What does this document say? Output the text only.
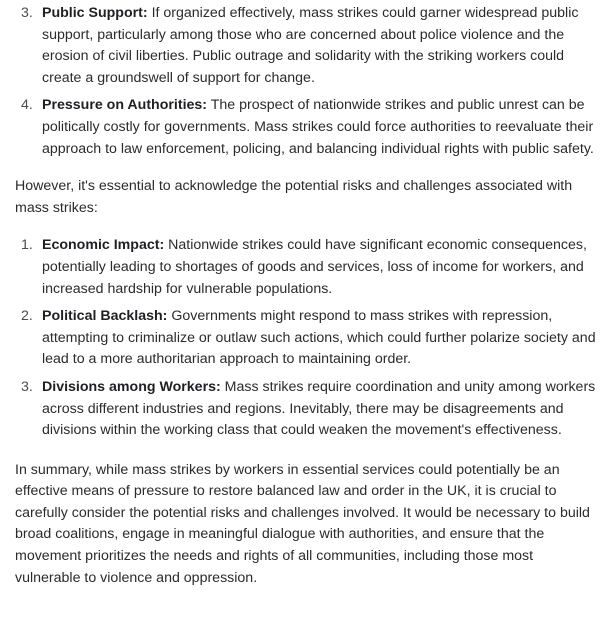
3. Public Support: If organized effectively, mass strikes could garner widespread public support, particularly among those who are concerned about police violence and the erosion of civil liberties. Public outrage and solidarity with the striking workers could create a groundswell of support for change.
4. Pressure on Authorities: The prospect of nationwide strikes and public unrest can be politically costly for governments. Mass strikes could force authorities to reevaluate their approach to law enforcement, policing, and balancing individual rights with public safety.

However, it's essential to acknowledge the potential risks and challenges associated with mass strikes:

1. Economic Impact: Nationwide strikes could have significant economic consequences, potentially leading to shortages of goods and services, loss of income for workers, and increased hardship for vulnerable populations.
2. Political Backlash: Governments might respond to mass strikes with repression, attempting to criminalize or outlaw such actions, which could further polarize society and lead to a more authoritarian approach to maintaining order.
3. Divisions among Workers: Mass strikes require coordination and unity among workers across different industries and regions. Inevitably, there may be disagreements and divisions within the working class that could weaken the movement's effectiveness.

In summary, while mass strikes by workers in essential services could potentially be an effective means of pressure to restore balanced law and order in the UK, it is crucial to carefully consider the potential risks and challenges involved. It would be necessary to build broad coalitions, engage in meaningful dialogue with authorities, and ensure that the movement prioritizes the needs and rights of all communities, including those most vulnerable to violence and oppression.
